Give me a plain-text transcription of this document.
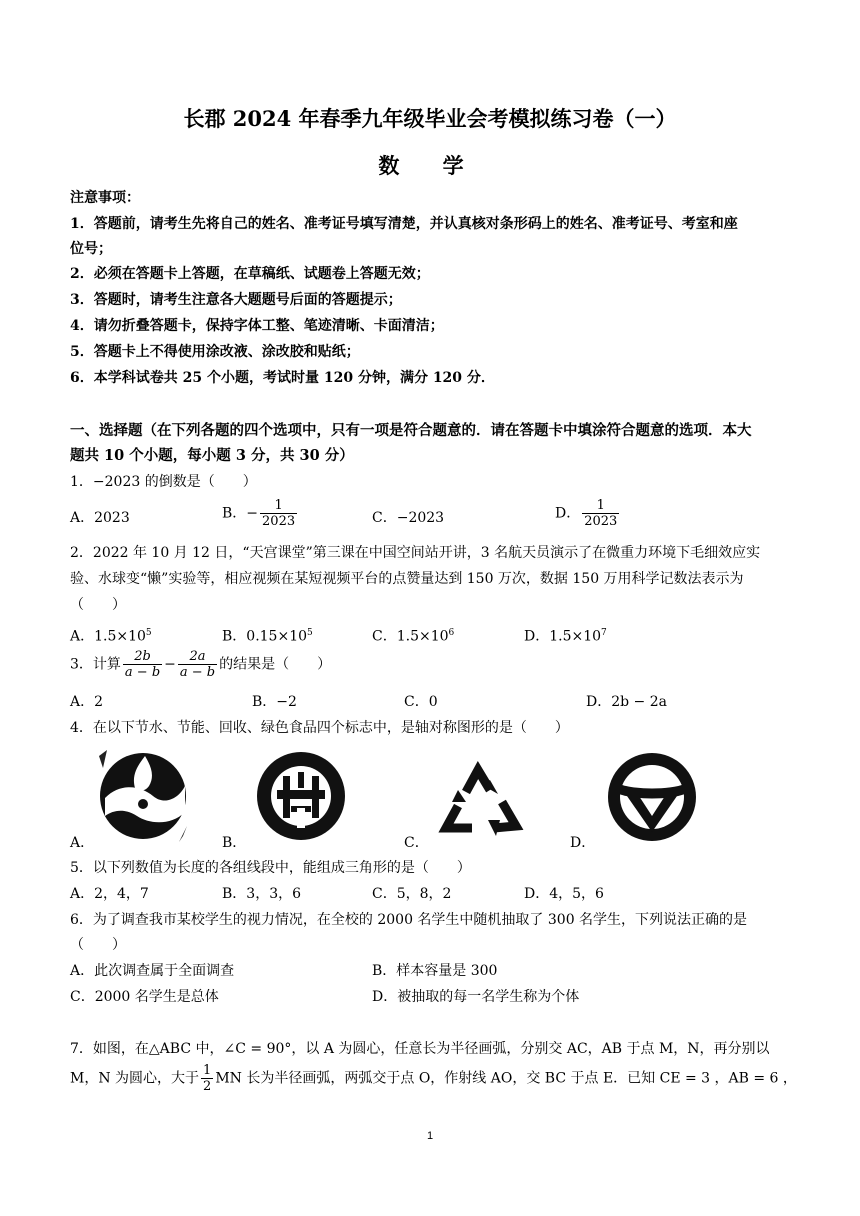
长郡 2024 年春季九年级毕业会考模拟练习卷（一）
数 学
注意事项：
1．答题前，请考生先将自己的姓名、准考证号填写清楚，并认真核对条形码上的姓名、准考证号、考室和座
位号；
2．必须在答题卡上答题，在草稿纸、试题卷上答题无效；
3．答题时，请考生注意各大题题号后面的答题提示；
4．请勿折叠答题卡，保持字体工整、笔迹清晰、卡面清洁；
5．答题卡上不得使用涂改液、涂改胶和贴纸；
6．本学科试卷共 25 个小题，考试时量 120 分钟，满分 120 分．
一、选择题（在下列各题的四个选项中，只有一项是符合题意的．请在答题卡中填涂符合题意的选项．本大
题共 10 个小题，每小题 3 分，共 30 分）
1．−2023 的倒数是（　　）
A．2023	B．− $\frac{1}{2023}$	C．−2023	D． $\frac{1}{2023}$
2．2022 年 10 月 12 日，“天宫课堂”第三课在中国空间站开讲，3 名航天员演示了在微重力环境下毛细效应实
验、水球变“懒”实验等，相应视频在某短视频平台的点赞量达到 150 万次，数据 150 万用科学记数法表示为
（　　）
A．$1.5\times 10^5$	B．$0.15\times 10^5$	C．$1.5\times 10^6$	D．$1.5\times 10^7$
3．计算 $\frac{2b}{a - b} - \frac{2a}{a - b}$ 的结果是（　　）
A．2	B．−2	C．0	D．2b − 2a
4．在以下节水、节能、回收、绿色食品四个标志中，是轴对称图形的是（　　）
A．	B．	C．	D．
5．以下列数值为长度的各组线段中，能组成三角形的是（　　）
A．2，4，7	B．3，3，6	C．5，8，2	D．4，5，6
6．为了调查我市某校学生的视力情况，在全校的 2000 名学生中随机抽取了 300 名学生，下列说法正确的是
（　　）
A．此次调查属于全面调查	B．样本容量是 300
C．2000 名学生是总体	D．被抽取的每一名学生称为个体
7．如图，在△ABC 中，∠C = 90°，以 A 为圆心，任意长为半径画弧，分别交 AC，AB 于点 M，N，再分别以
M，N 为圆心，大于 $\frac{1}{2}$ MN 长为半径画弧，两弧交于点 O，作射线 AO，交 BC 于点 E．已知 CE = 3 ，AB = 6 ，
1
